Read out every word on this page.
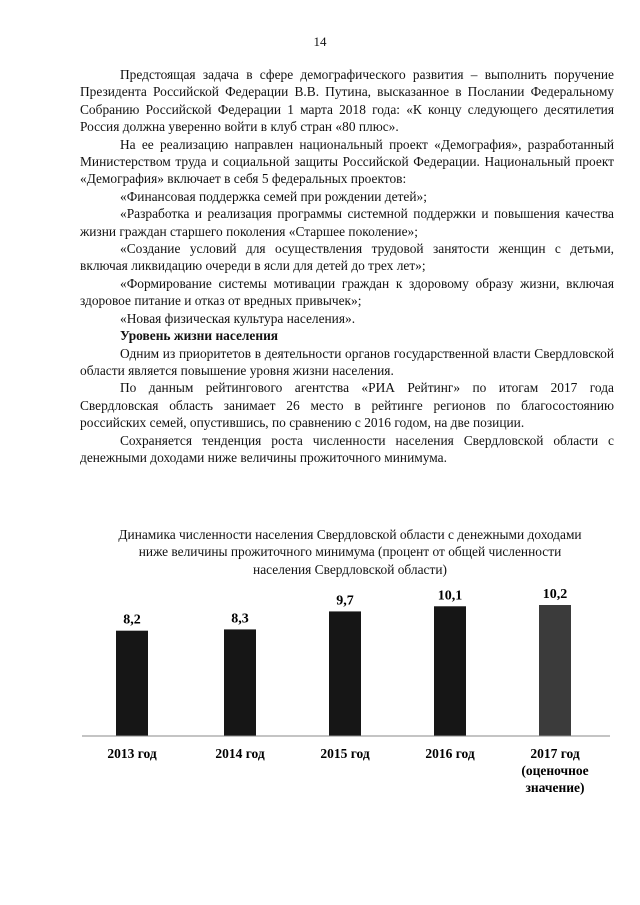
14

Предстоящая задача в сфере демографического развития – выполнить поручение Президента Российской Федерации В.В. Путина, высказанное в Послании Федеральному Собранию Российской Федерации 1 марта 2018 года: «К концу следующего десятилетия Россия должна уверенно войти в клуб стран «80 плюс».

На ее реализацию направлен национальный проект «Демография», разработанный Министерством труда и социальной защиты Российской Федерации. Национальный проект «Демография» включает в себя 5 федеральных проектов:

«Финансовая поддержка семей при рождении детей»;

«Разработка и реализация программы системной поддержки и повышения качества жизни граждан старшего поколения «Старшее поколение»;

«Создание условий для осуществления трудовой занятости женщин с детьми, включая ликвидацию очереди в ясли для детей до трех лет»;

«Формирование системы мотивации граждан к здоровому образу жизни, включая здоровое питание и отказ от вредных привычек»;

«Новая физическая культура населения».

Уровень жизни населения

Одним из приоритетов в деятельности органов государственной власти Свердловской области является повышение уровня жизни населения.

По данным рейтингового агентства «РИА Рейтинг» по итогам 2017 года Свердловская область занимает 26 место в рейтинге регионов по благосостоянию российских семей, опустившись, по сравнению с 2016 годом, на две позиции.

Сохраняется тенденция роста численности населения Свердловской области с денежными доходами ниже величины прожиточного минимума.

Динамика численности населения Свердловской области с денежными доходами
ниже величины прожиточного минимума (процент от общей численности
населения Свердловской области)
8,2
2013 год
8,3
2014 год
9,7
2015 год
10,1
2016 год
10,2
2017 год
(оценочное
значение)
